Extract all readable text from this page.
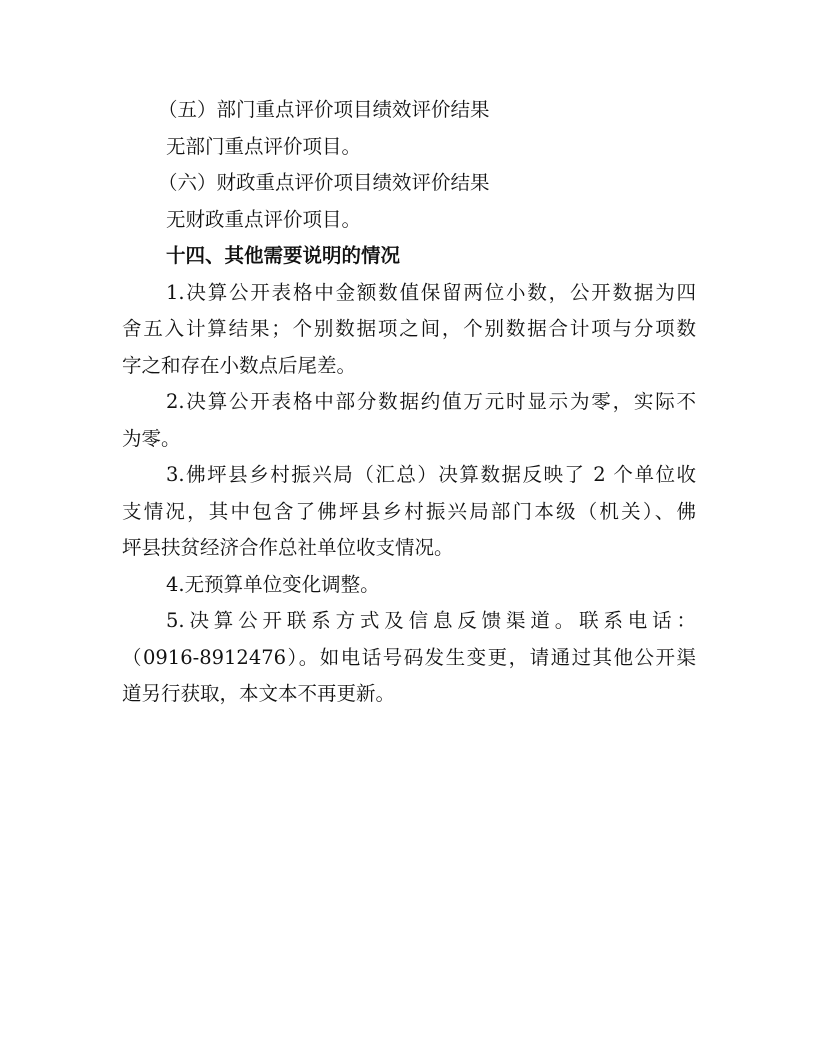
（五）部门重点评价项目绩效评价结果
无部门重点评价项目。
（六）财政重点评价项目绩效评价结果
无财政重点评价项目。
十四、其他需要说明的情况
1.决算公开表格中金额数值保留两位小数，公开数据为四
舍五入计算结果；个别数据项之间，个别数据合计项与分项数
字之和存在小数点后尾差。
2.决算公开表格中部分数据约值万元时显示为零，实际不
为零。
3.佛坪县乡村振兴局（汇总）决算数据反映了 2 个单位收
支情况，其中包含了佛坪县乡村振兴局部门本级（机关）、佛
坪县扶贫经济合作总社单位收支情况。
4.无预算单位变化调整。
5.决算公开联系方式及信息反馈渠道。联系电话：
（0916-8912476）。如电话号码发生变更，请通过其他公开渠
道另行获取，本文本不再更新。
